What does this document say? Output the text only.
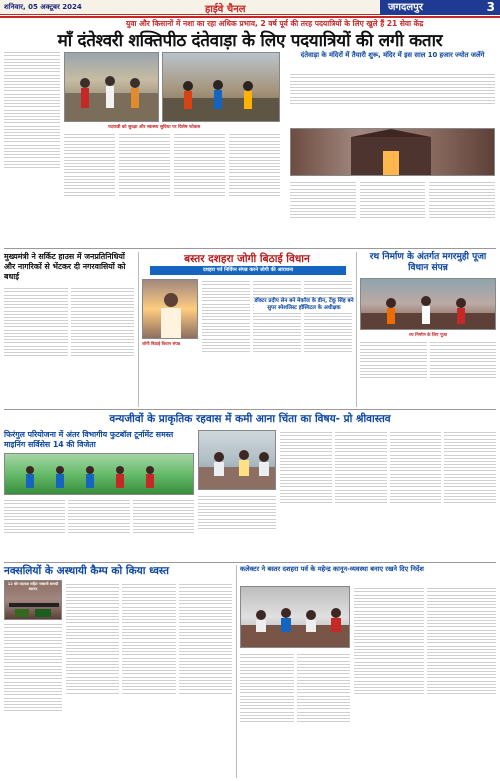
शनिवार, 05 अक्टूबर 2024	हाईवे चैनल	जगदलपुर	3
युवा और किसानों में नशा का रहा अधिक प्रभाव, 2 वर्ष पूर्व की तरह पदयात्रियों के लिए खुले हैं 21 सेवा केंद्र
माँ दंतेश्वरी शक्तिपीठ दंतेवाड़ा के लिए पदयात्रियों की लगी कतार
पदयात्री को सुरक्षा और स्वास्थ्य सुविधा पर विशेष फोकस
दंतेवाड़ा के मंदिरों में तैयारी शुरू, मंदिर में इस साल 10 हजार ज्योत जलेंगे
मुख्यमंत्री ने सर्किट हाउस में जनप्रतिनिधियों और नागरिकों से भेंटकर दी नगरवासियों को बधाई
बस्तर दशहरा जोगी बिठाई विधान
दशहरा पर्व निर्विघ्न संपन्न करने जोगी की आराधना
जोगी बिठाई विधान संपन्न
रथ निर्माण के अंतर्गत मगरमुही पूजा विधान संपन्न
रथ निर्माण के लिए पूजा
डॉक्टर प्रदीप सेन बने मेकॉज के डीन, टेंकू सिंह बने सुपर स्पेशलिस्ट हॉस्पिटल के अधीक्षक
वन्यजीवों के प्राकृतिक रहवास में कमी आना चिंता का विषय- प्रो श्रीवास्तव
फिरंगुल परियोजना में अंतर विभागीय फुटबॉल टूर्नामेंट समस्त माइनिंग सर्विसेस 14 की विजेता
नक्सलियों के अस्थायी कैम्प को किया ध्वस्त
12 बोर राइफल सहित नक्सली सामग्री बरामद
कलेक्टर ने बस्तर दशहरा पर्व के महेन्द्र कानून-व्यवस्था बनाए रखने दिए निर्देश
